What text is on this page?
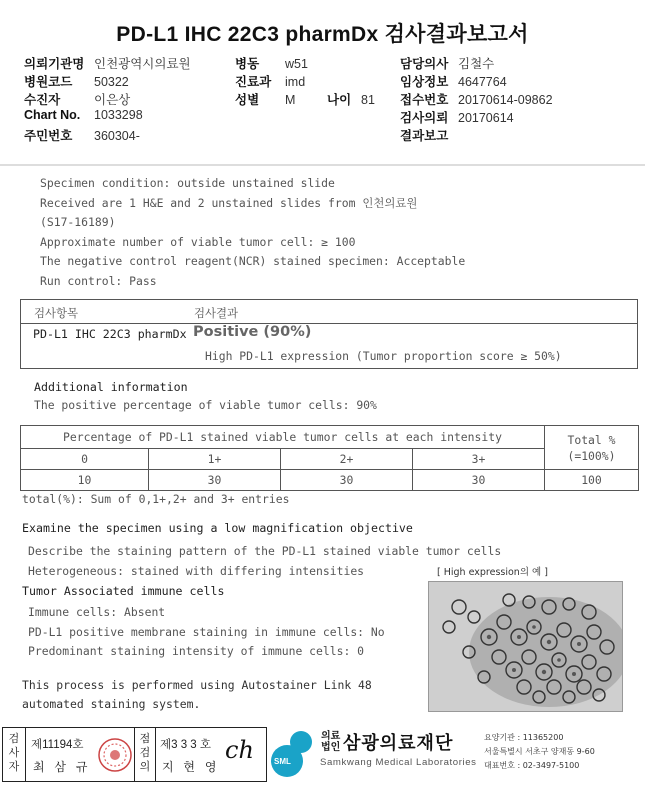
PD-L1 IHC 22C3 pharmDx 검사결과보고서
의뢰기관명 인천광역시의료원
병원코드 50322
수진자	이은상
Chart No. 1033298
주민번호 360304-
병동 w51
진료과 imd
성별 M	나이 81
담당의사 김철수
임상정보 4647764
접수번호 20170614-09862
검사의뢰 20170614
결과보고
Specimen condition: outside unstained slide
Received are 1 H&E and 2 unstained slides from 인천의료원
(S17-16189)
Approximate number of viable tumor cell: ≥ 100
The negative control reagent(NCR) stained specimen: Acceptable
Run control: Pass
검사항목	검사결과
PD-L1 IHC 22C3 pharmDx Positive (90%)
High PD-L1 expression (Tumor proportion score ≥ 50%)
Additional information
The positive percentage of viable tumor cells: 90%
Percentage of PD-L1 stained viable tumor cells at each intensity	Total %
(=100%)
0	1+	2+	3+
10	30	30	30	100
total(%): Sum of 0,1+,2+ and 3+ entries
Examine the specimen using a low magnification objective
Describe the staining pattern of the PD-L1 stained viable tumor cells
Heterogeneous: stained with differing intensities
Tumor Associated immune cells
Immune cells: Absent
PD-L1 positive membrane staining in immune cells: No
Predominant staining intensity of immune cells: 0
This process is performed using Autostainer Link 48
automated staining system.
[ High expression의 예 ]
검사자
제11194호
최 삼 규
점검의
제3 3 3 호
지 현 영
ch	SML
의료
법인 삼광의료재단
Samkwang Medical Laboratories
요양기관 : 11365200
서울특별시 서초구 양재동 9-60
대표번호 : 02-3497-5100
